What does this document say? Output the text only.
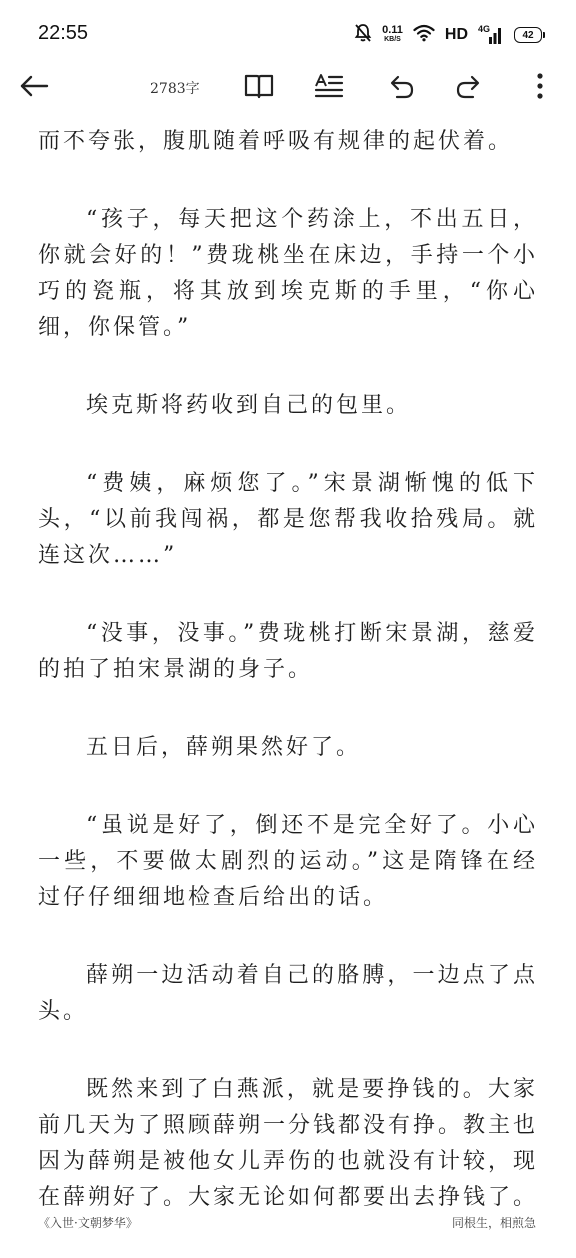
22:55	0.11
KB/S	HD 4G
42
2783字

而不夸张，腹肌随着呼吸有规律的起伏着。

“孩子，每天把这个药涂上，不出五日，你就会好的！”费珑桃坐在床边，手持一个小巧的瓷瓶，将其放到埃克斯的手里，“你心细，你保管。”

埃克斯将药收到自己的包里。

“费姨，麻烦您了。”宋景湖惭愧的低下头，“以前我闯祸，都是您帮我收拾残局。就连这次……”

“没事，没事。”费珑桃打断宋景湖，慈爱的拍了拍宋景湖的身子。

五日后，薛朔果然好了。

“虽说是好了，倒还不是完全好了。小心一些，不要做太剧烈的运动。”这是隋锋在经过仔仔细细地检查后给出的话。

薛朔一边活动着自己的胳膊，一边点了点头。

既然来到了白燕派，就是要挣钱的。大家前几天为了照顾薛朔一分钱都没有挣。教主也因为薛朔是被他女儿弄伤的也就没有计较，现在薛朔好了。大家无论如何都要出去挣钱了。

《入世·文朝梦华》	同根生，相煎急
